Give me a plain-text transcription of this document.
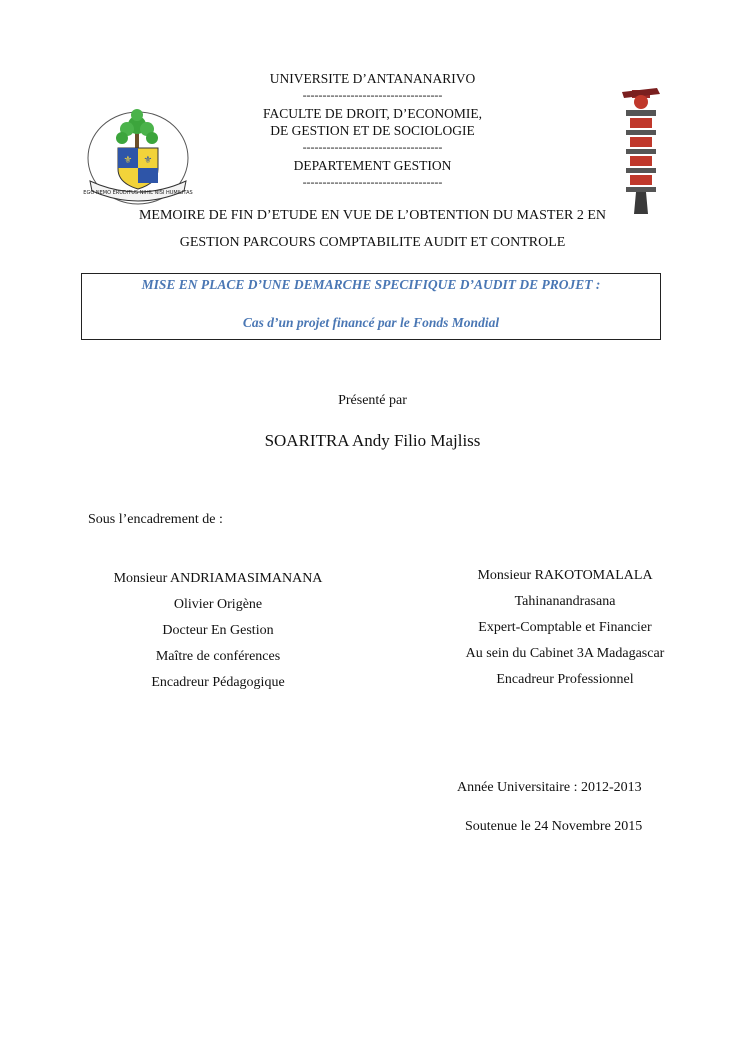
⚜ ⚜
EGO NEMO ERUDITUS NIHIL NISI HUMILITAS
UNIVERSITE D’ANTANANARIVO
-----------------------------------
FACULTE DE DROIT, D’ECONOMIE,
DE GESTION ET DE SOCIOLOGIE
-----------------------------------
DEPARTEMENT GESTION
-----------------------------------
MEMOIRE DE FIN D’ETUDE EN VUE DE L’OBTENTION DU MASTER 2 EN
GESTION PARCOURS COMPTABILITE AUDIT ET CONTROLE
MISE EN PLACE D’UNE DEMARCHE SPECIFIQUE D’AUDIT DE PROJET :
Cas d’un projet financé par le Fonds Mondial
Présenté par
SOARITRA Andy Filio Majliss
Sous l’encadrement de :
Monsieur ANDRIAMASIMANANA
Olivier Origène
Docteur En Gestion
Maître de conférences
Encadreur Pédagogique
Monsieur RAKOTOMALALA
Tahinanandrasana
Expert-Comptable et Financier
Au sein du Cabinet 3A Madagascar
Encadreur Professionnel
Année Universitaire : 2012-2013
Soutenue le 24 Novembre 2015
